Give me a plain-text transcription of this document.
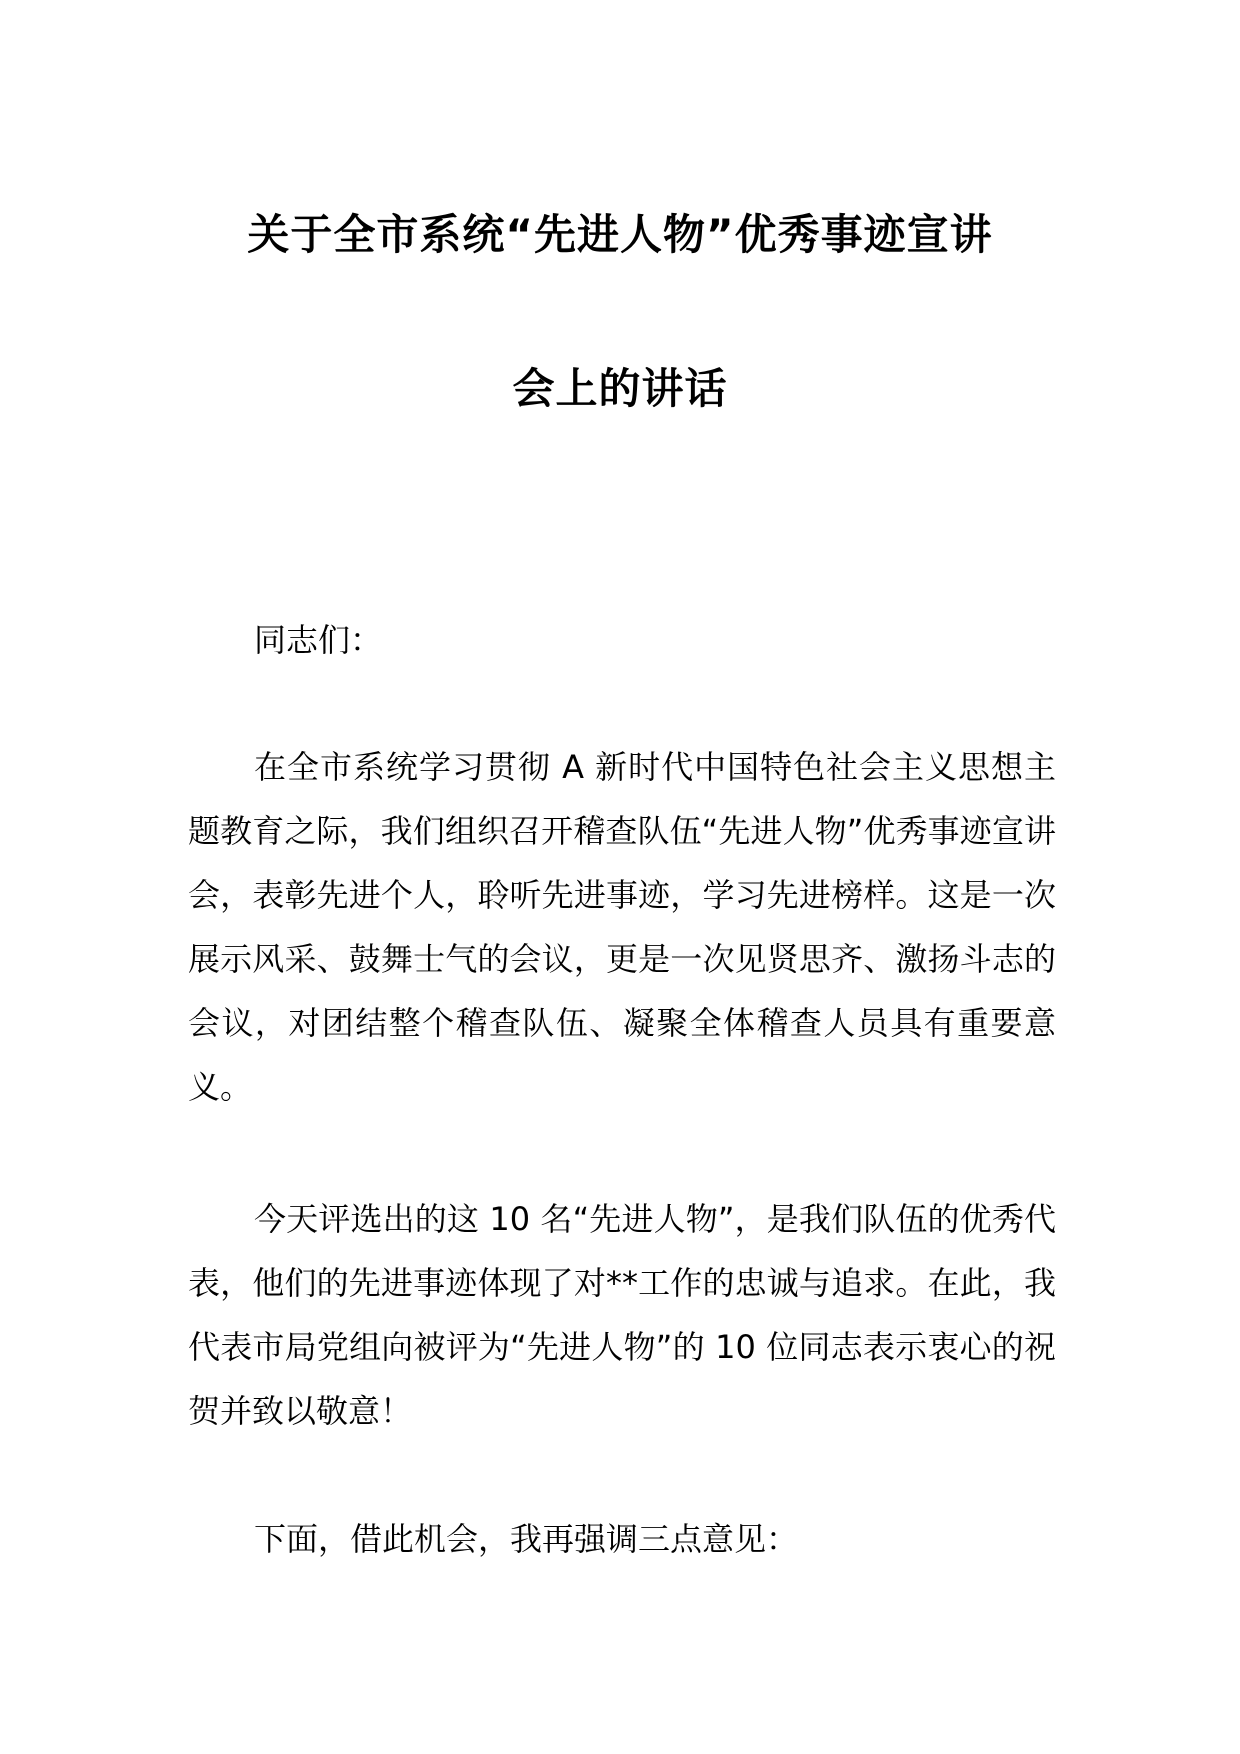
关于全市系统“先进人物”优秀事迹宣讲
会上的讲话
同志们：
在全市系统学习贯彻 A 新时代中国特色社会主义思想主题教育之际，我们组织召开稽查队伍“先进人物”优秀事迹宣讲会，表彰先进个人，聆听先进事迹，学习先进榜样。这是一次展示风采、鼓舞士气的会议，更是一次见贤思齐、激扬斗志的会议，对团结整个稽查队伍、凝聚全体稽查人员具有重要意义。
今天评选出的这 10 名“先进人物”，是我们队伍的优秀代表，他们的先进事迹体现了对**工作的忠诚与追求。在此，我代表市局党组向被评为“先进人物”的 10 位同志表示衷心的祝贺并致以敬意！
下面，借此机会，我再强调三点意见：
